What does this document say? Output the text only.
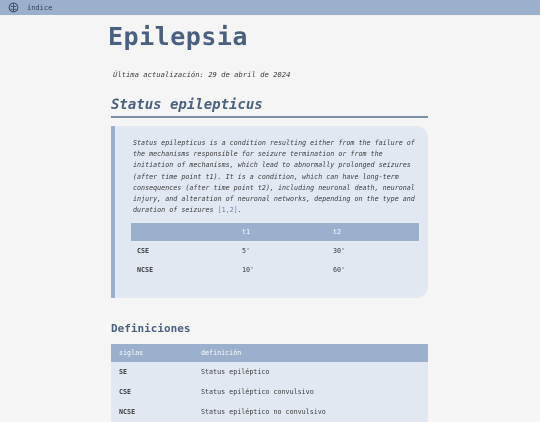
índice
Epilepsia

Última actualización: 29 de abril de 2024

Status epilepticus

Status epilepticus is a condition resulting either from the failure of the mechanisms responsible for seizure termination or from the initiation of mechanisms, which lead to abnormally prolonged seizures (after time point t1). It is a condition, which can have long-term consequences (after time point t2), including neuronal death, neuronal injury, and alteration of neuronal networks, depending on the type and duration of seizures [1,2].

	t1	t2
CSE	5'	30'
NCSE	10'	60'
Definiciones
siglas	definición
SE	Status epiléptico
CSE	Status epiléptico convulsivo
NCSE	Status epiléptico no convulsivo
